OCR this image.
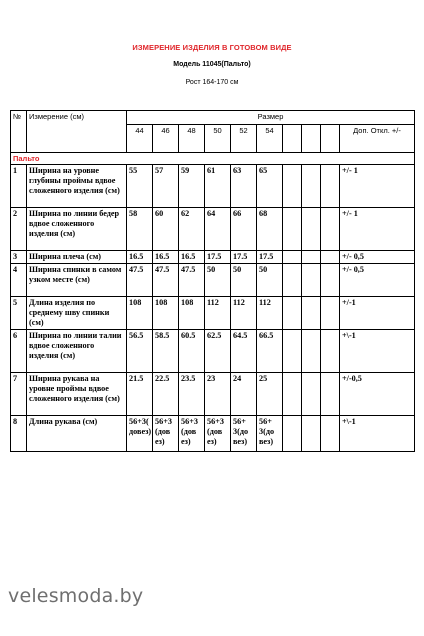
ИЗМЕРЕНИЕ ИЗДЕЛИЯ В ГОТОВОМ ВИДЕ
Модель 11045(Пальто)
Рост 164-170 см
№	Измерение (см)	Размер									
		44	46	48	50	52	54				Доп. Откл. +/-
Пальто											
1	Ширина на уровне глубины проймы вдвое сложенного изделия (см)	55	57	59	61	63	65				+/- 1
2	Ширина по линии бедер вдвое сложенного изделия (см)	58	60	62	64	66	68				+/- 1
3	Ширина плеча (см)	16.5	16.5	16.5	17.5	17.5	17.5				+/- 0,5
4	Ширина спинки в самом узком месте (см)	47.5	47.5	47.5	50	50	50				+/- 0,5
5	Длина изделия по среднему шву спинки (см)	108	108	108	112	112	112				+/-1
6	Ширина по линии талии вдвое сложенного изделия (см)	56.5	58.5	60.5	62.5	64.5	66.5				+\-1
7	Ширина рукава на уровне проймы вдвое сложенного изделия (см)	21.5	22.5	23.5	23	24	25				+/-0,5
8	Длина рукава (см)	56+3( довез)	56+3 (дов ез)	56+3 (дов ез)	56+3 (дов ез)	56+ 3(до вез)	56+ 3(до вез)				+\-1
velesmoda.by
